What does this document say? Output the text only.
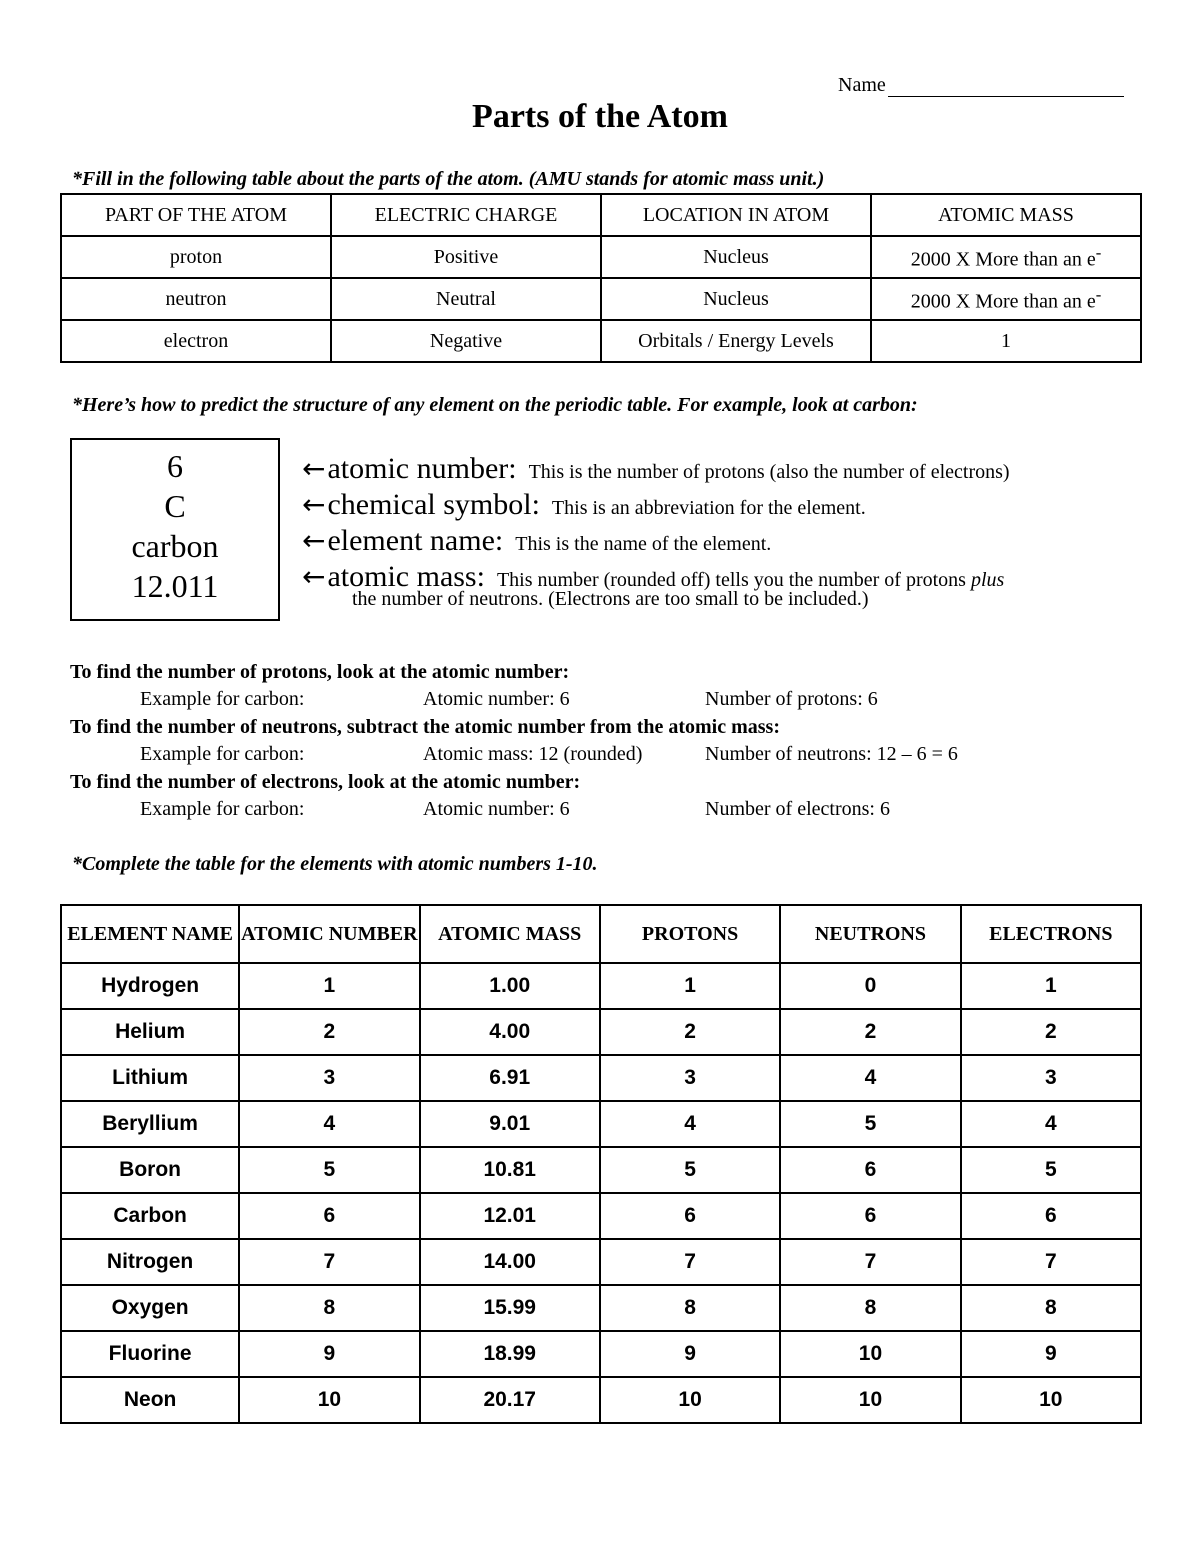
Name
Parts of the Atom
*Fill in the following table about the parts of the atom. (AMU stands for atomic mass unit.)
PART OF THE ATOM	ELECTRIC CHARGE	LOCATION IN ATOM	ATOMIC MASS
proton	Positive	Nucleus	2000 X More than an e-
neutron	Neutral	Nucleus	2000 X More than an e-
electron	Negative	Orbitals / Energy Levels	1
*Here’s how to predict the structure of any element on the periodic table. For example, look at carbon:
6
C
carbon
12.011
← atomic number: This is the number of protons (also the number of electrons)
← chemical symbol: This is an abbreviation for the element.
← element name: This is the name of the element.
← atomic mass: This number (rounded off) tells you the number of protons plus
the number of neutrons. (Electrons are too small to be included.)
To find the number of protons, look at the atomic number:
Example for carbon:	Atomic number: 6	Number of protons: 6
To find the number of neutrons, subtract the atomic number from the atomic mass:
Example for carbon:	Atomic mass: 12 (rounded)	Number of neutrons: 12 – 6 = 6
To find the number of electrons, look at the atomic number:
Example for carbon:	Atomic number: 6	Number of electrons: 6
*Complete the table for the elements with atomic numbers 1-10.
ELEMENT NAME	ATOMIC NUMBER	ATOMIC MASS	PROTONS	NEUTRONS	ELECTRONS
Hydrogen	1	1.00	1	0	1
Helium	2	4.00	2	2	2
Lithium	3	6.91	3	4	3
Beryllium	4	9.01	4	5	4
Boron	5	10.81	5	6	5
Carbon	6	12.01	6	6	6
Nitrogen	7	14.00	7	7	7
Oxygen	8	15.99	8	8	8
Fluorine	9	18.99	9	10	9
Neon	10	20.17	10	10	10
